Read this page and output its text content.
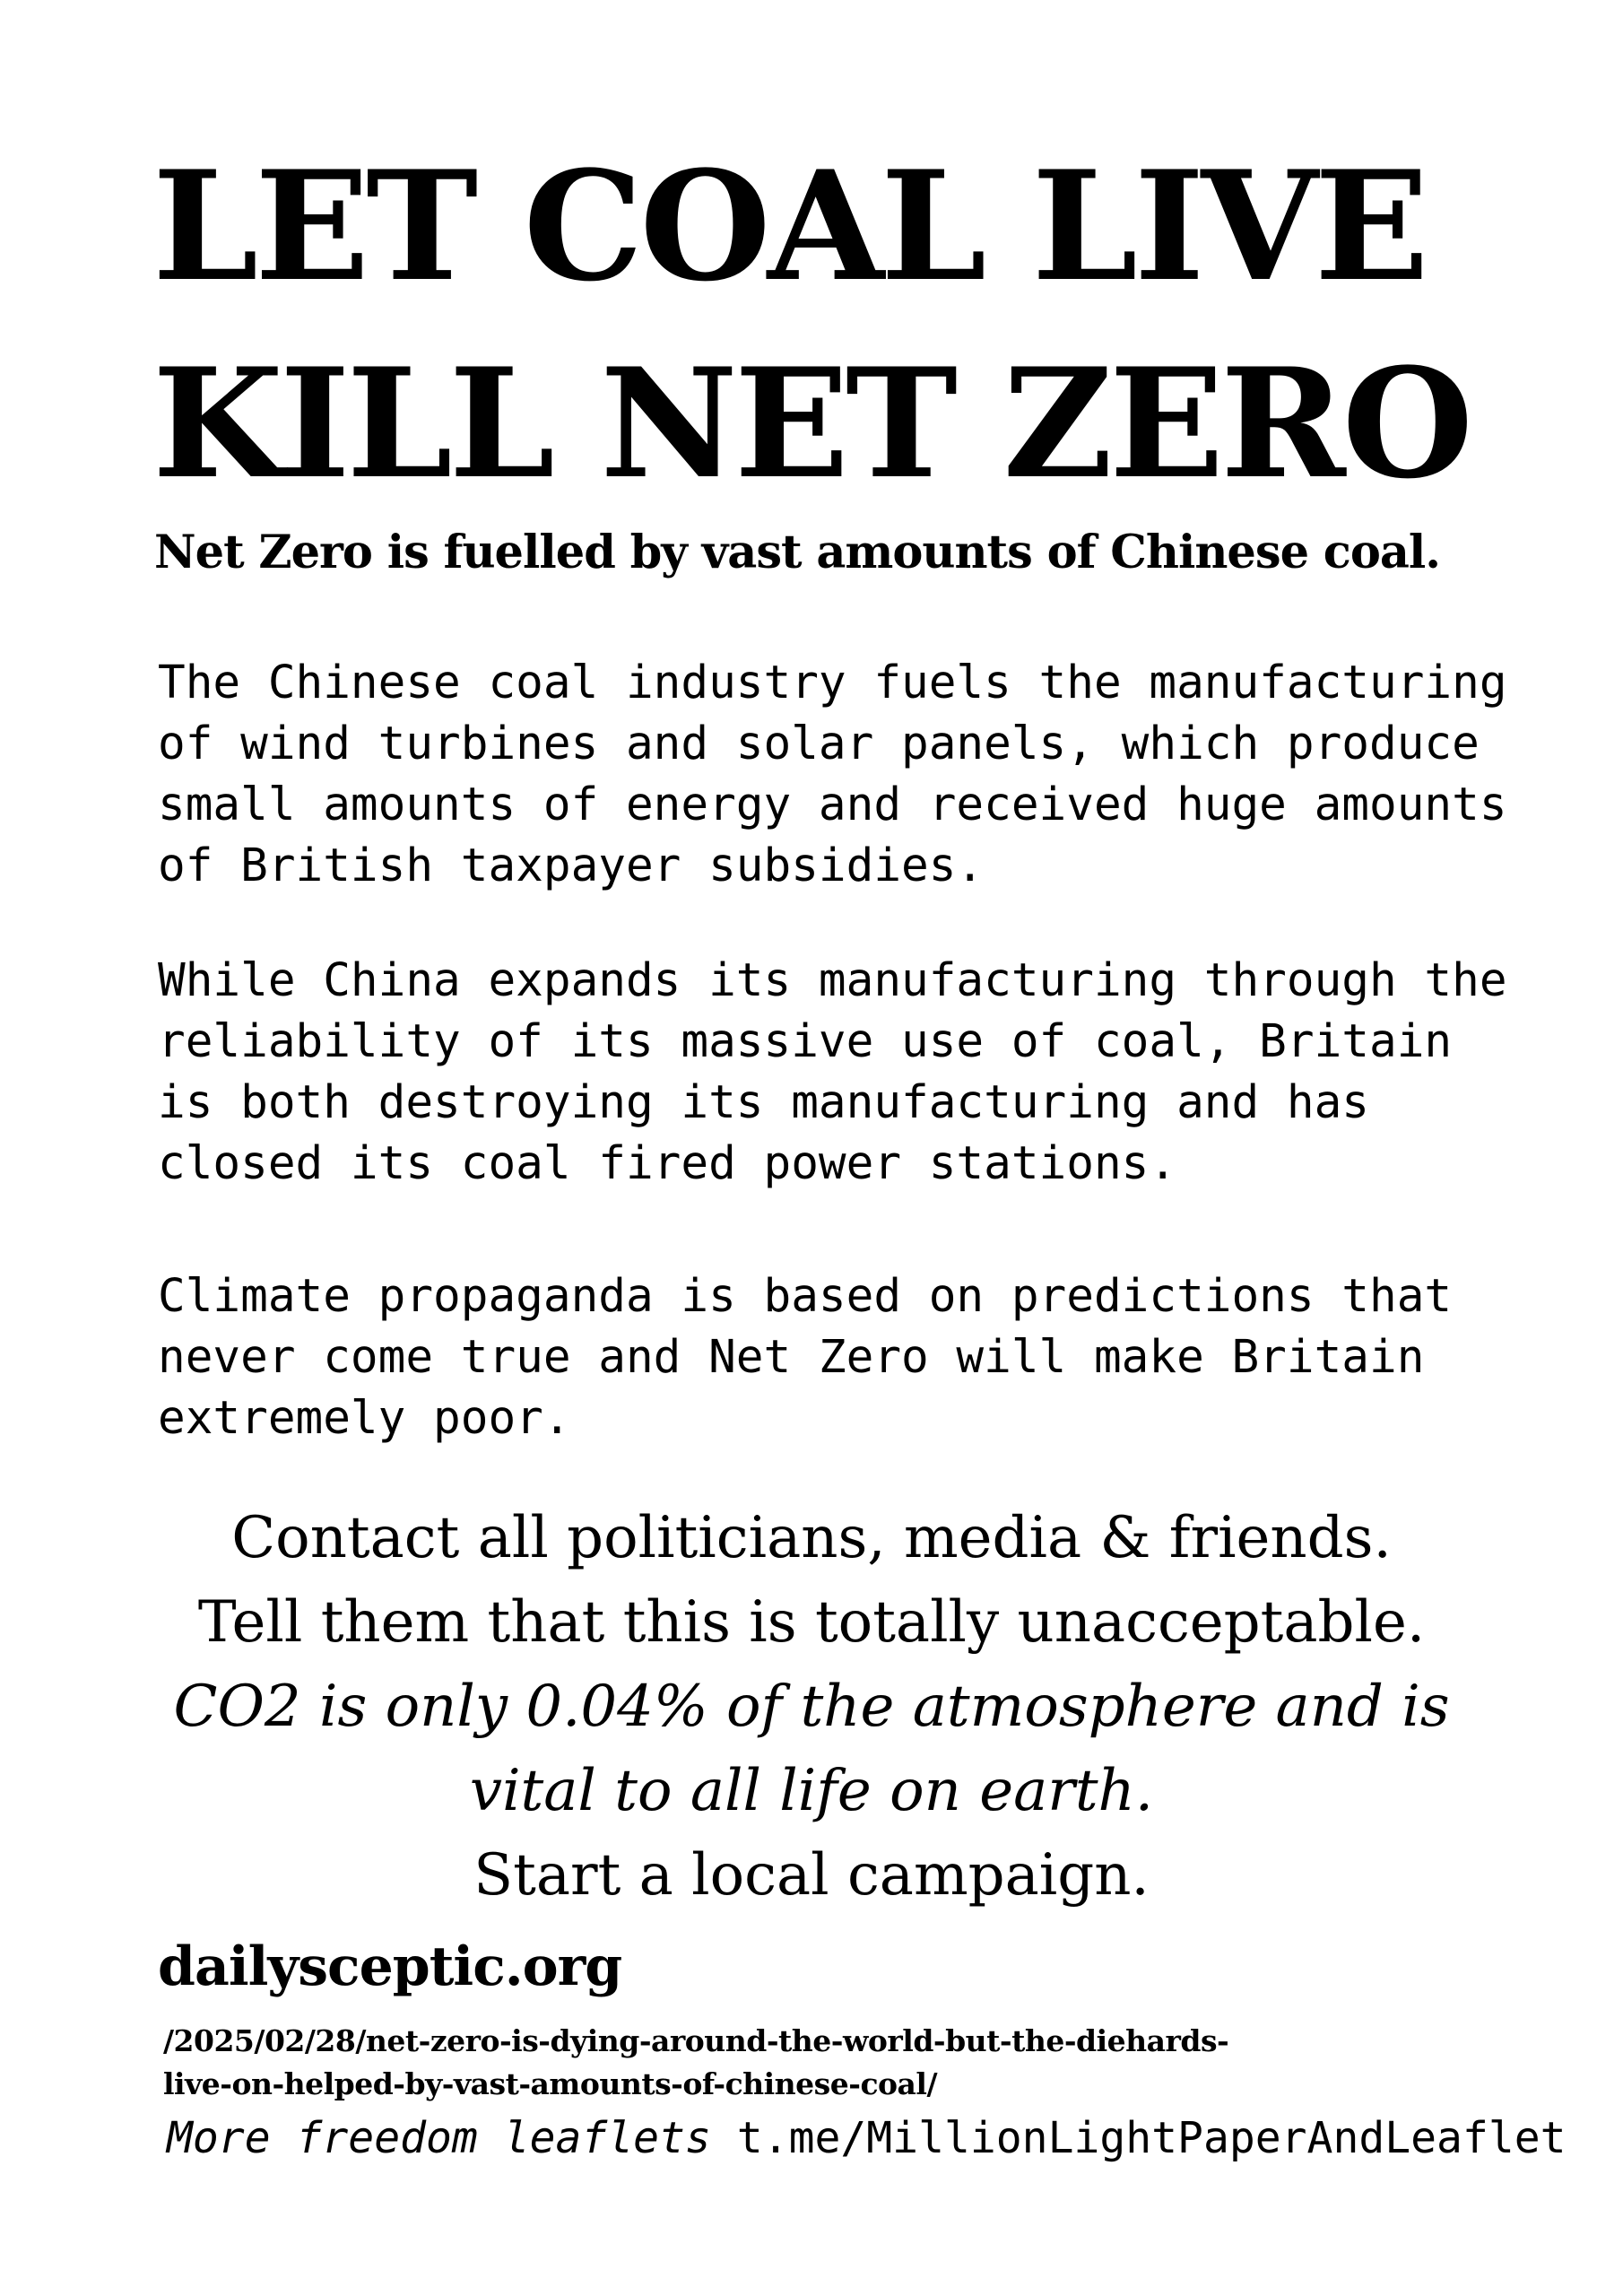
LET COAL LIVE
KILL NET ZERO
Net Zero is fuelled by vast amounts of Chinese coal.
The Chinese coal industry fuels the manufacturing
of wind turbines and solar panels, which produce
small amounts of energy and received huge amounts
of British taxpayer subsidies.
While China expands its manufacturing through the
reliability of its massive use of coal, Britain
is both destroying its manufacturing and has
closed its coal fired power stations.
Climate propaganda is based on predictions that
never come true and Net Zero will make Britain
extremely poor.
Contact all politicians, media & friends.
Tell them that this is totally unacceptable.
CO2 is only 0.04% of the atmosphere and is
vital to all life on earth.
Start a local campaign.
dailysceptic.org
/2025/02/28/net-zero-is-dying-around-the-world-but-the-diehards-
live-on-helped-by-vast-amounts-of-chinese-coal/
More freedom leaflets t.me/MillionLightPaperAndLeaflet
